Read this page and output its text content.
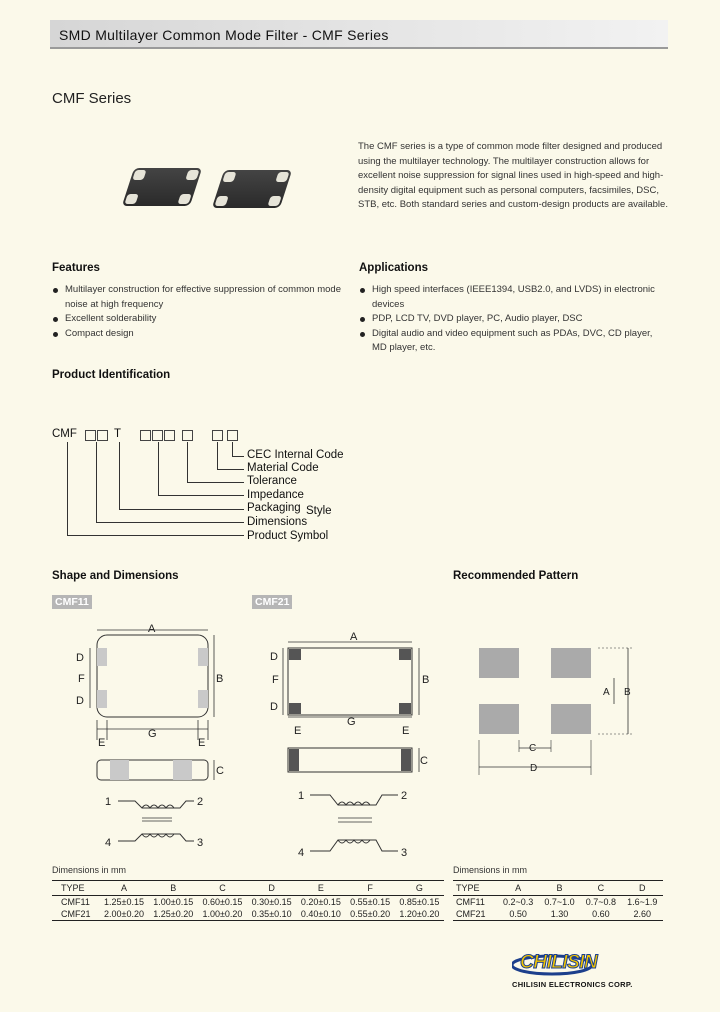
SMD Multilayer Common Mode Filter - CMF Series
CMF Series
The CMF series is a type of common mode filter designed and produced using the multilayer technology. The multilayer construction allows for excellent noise suppression for signal lines used in high-speed and high-density digital equipment such as personal computers, facsimiles, DSC, STB, etc. Both standard series and custom-design products are available.
Features
Multilayer construction for effective suppression of common mode noise at high frequency
Excellent solderability
Compact design
Applications
High speed interfaces (IEEE1394, USB2.0, and LVDS) in electronic devices
PDP, LCD TV, DVD player, PC, Audio player, DSC
Digital audio and video equipment such as PDAs, DVC, CD player, MD player, etc.
Product Identification
CMF	T
CEC Internal Code
Material Code
Tolerance
Impedance
Packaging Style
Dimensions
Product Symbol
Shape and Dimensions
CMF11	CMF21
A
B
D
F
D
G
E	E
C
A
B
D
F
D
G
E	E
C
1	2
4	3
1	2
4	3
A B
C
D
Recommended Pattern
Dimensions in mm
TYPE	A	B	C	D	E	F	G
CMF11	1.25±0.15	1.00±0.15	0.60±0.15	0.30±0.15	0.20±0.15	0.55±0.15	0.85±0.15
CMF21	2.00±0.20	1.25±0.20	1.00±0.20	0.35±0.10	0.40±0.10	0.55±0.20	1.20±0.20
Dimensions in mm
TYPE	A	B	C	D
CMF11	0.2~0.3	0.7~1.0	0.7~0.8	1.6~1.9
CMF21	0.50	1.30	0.60	2.60
CHILISIN
CHILISIN ELECTRONICS CORP.
